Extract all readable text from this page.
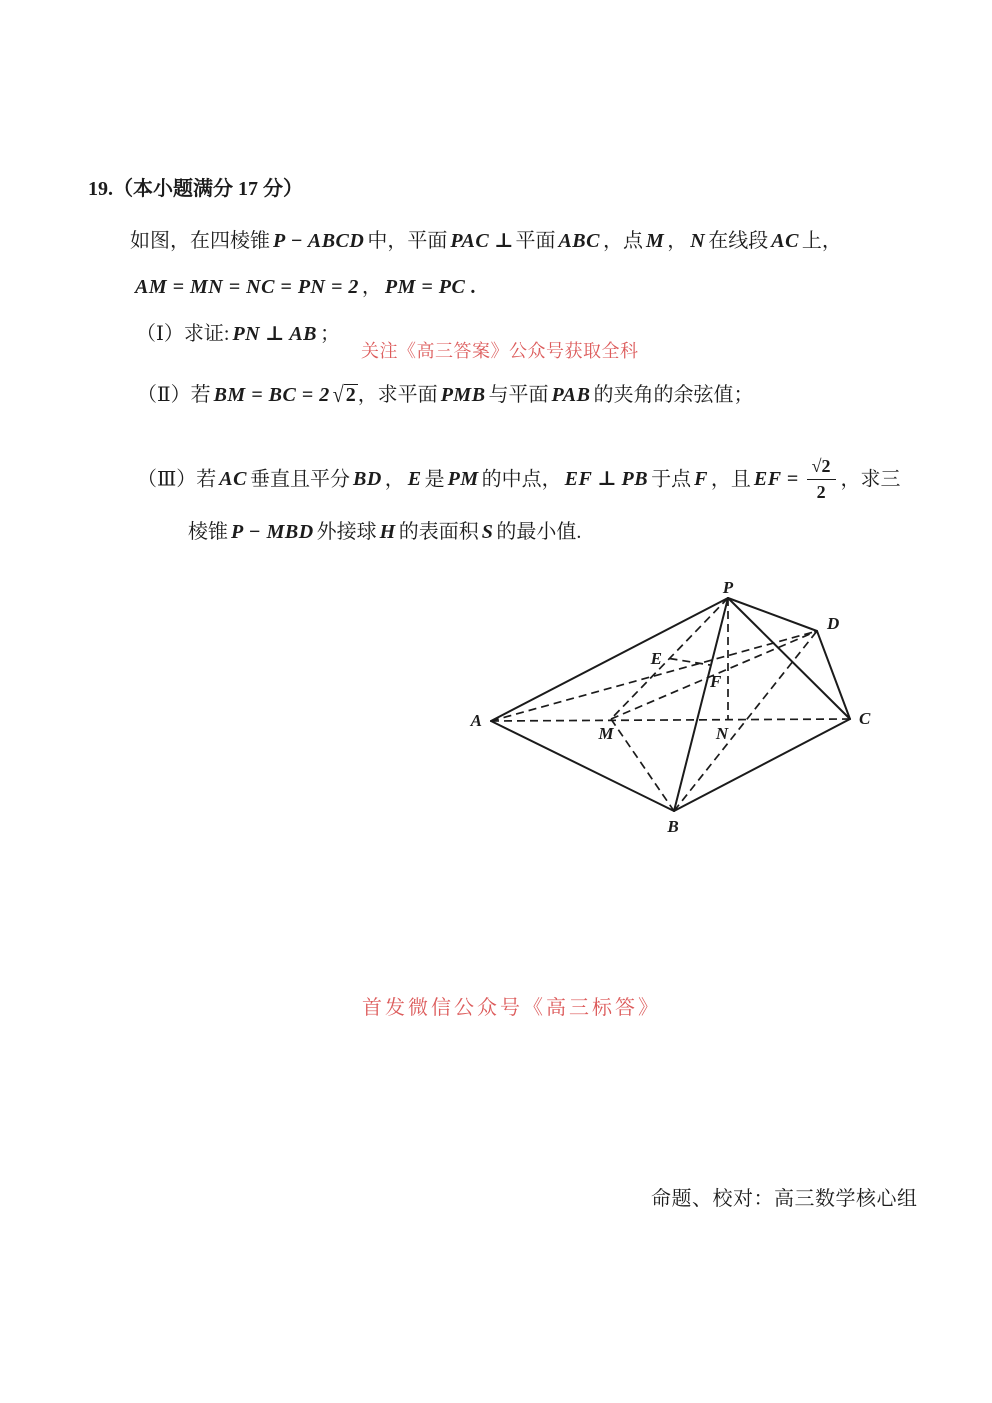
19.（本小题满分 17 分）
如图，在四棱锥 P − ABCD 中，平面 PAC ⊥ 平面 ABC ，点 M ， N 在线段 AC 上，
AM = MN = NC = PN = 2 ， PM = PC .
（Ⅰ）求证: PN ⊥ AB ；
关注《高三答案》公众号获取全科
（Ⅱ）若 BM = BC = 2 √ 2 ，求平面 PMB 与平面 PAB 的夹角的余弦值；
（Ⅲ）若 AC 垂直且平分 BD ， E 是 PM 的中点， EF ⊥ PB 于点 F ，且 EF = $\frac{√2}{2}$ ，求三
棱锥 P − MBD 外接球 H 的表面积 S 的最小值.
P
D
C
A
M	N
B
E
F
首发微信公众号《高三标答》
命题、校对：高三数学核心组
